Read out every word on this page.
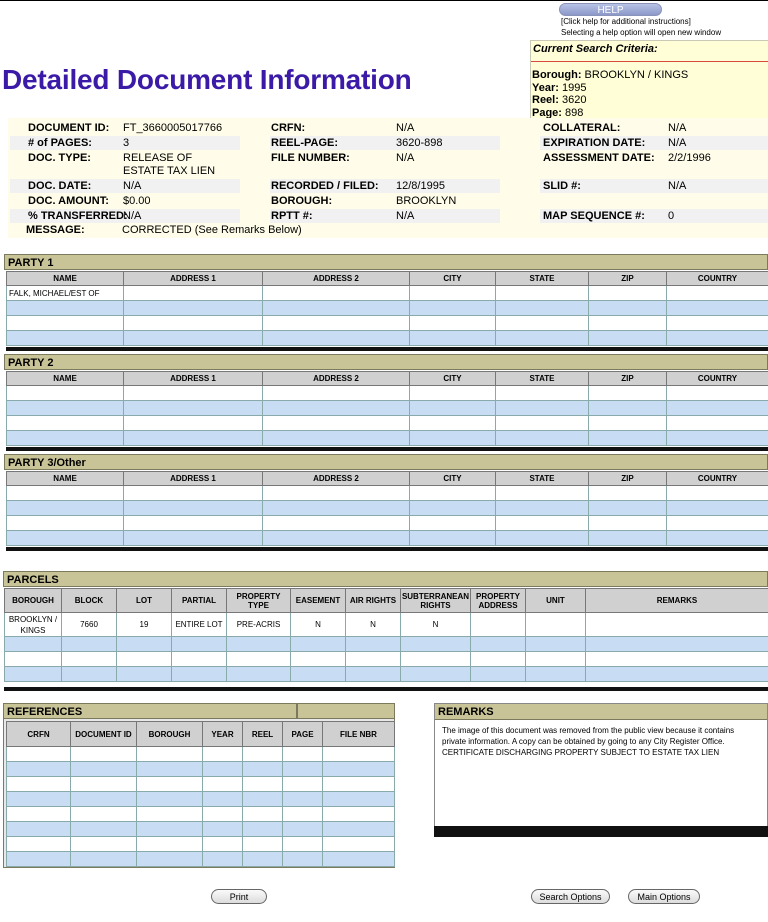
HELP
[Click help for additional instructions]
Selecting a help option will open new window
Current Search Criteria:
Borough: BROOKLYN / KINGS
Year: 1995
Reel: 3620
Page: 898
Detailed Document Information
DOCUMENT ID: FT_3660005017766
# of PAGES:	3
DOC. TYPE:	RELEASE OF
ESTATE TAX LIEN
DOC. DATE:	N/A
DOC. AMOUNT: $0.00
% TRANSFERRED:
N/A
MESSAGE:	CORRECTED (See Remarks Below)
CRFN:	N/A
REEL-PAGE:	3620-898
FILE NUMBER:	N/A
RECORDED / FILED: 12/8/1995
BOROUGH:	BROOKLYN
RPTT #:	N/A
COLLATERAL:	N/A
EXPIRATION DATE: N/A
ASSESSMENT DATE: 2/2/1996
SLID #:	N/A
MAP SEQUENCE #: 0
PARTY 1
NAME	ADDRESS 1	ADDRESS 2	CITY	STATE	ZIP	COUNTRY
FALK, MICHAEL/EST OF						

PARTY 2
NAME	ADDRESS 1	ADDRESS 2	CITY	STATE	ZIP	COUNTRY

PARTY 3/Other
NAME	ADDRESS 1	ADDRESS 2	CITY	STATE	ZIP	COUNTRY

PARCELS
BOROUGH	BLOCK	LOT	PARTIAL	PROPERTY TYPE	EASEMENT	AIR RIGHTS	SUBTERRANEAN RIGHTS	PROPERTY ADDRESS	UNIT	REMARKS
BROOKLYN /
KINGS	7660	19	ENTIRE LOT	PRE-ACRIS	N	N	N			

REFERENCES
CRFN	DOCUMENT ID	BOROUGH	YEAR	REEL	PAGE	FILE NBR

REMARKS
The image of this document was removed from the public view because it contains
private information. A copy can be obtained by going to any City Register Office.
CERTIFICATE DISCHARGING PROPERTY SUBJECT TO ESTATE TAX LIEN
Print	Search Options	Main Options
